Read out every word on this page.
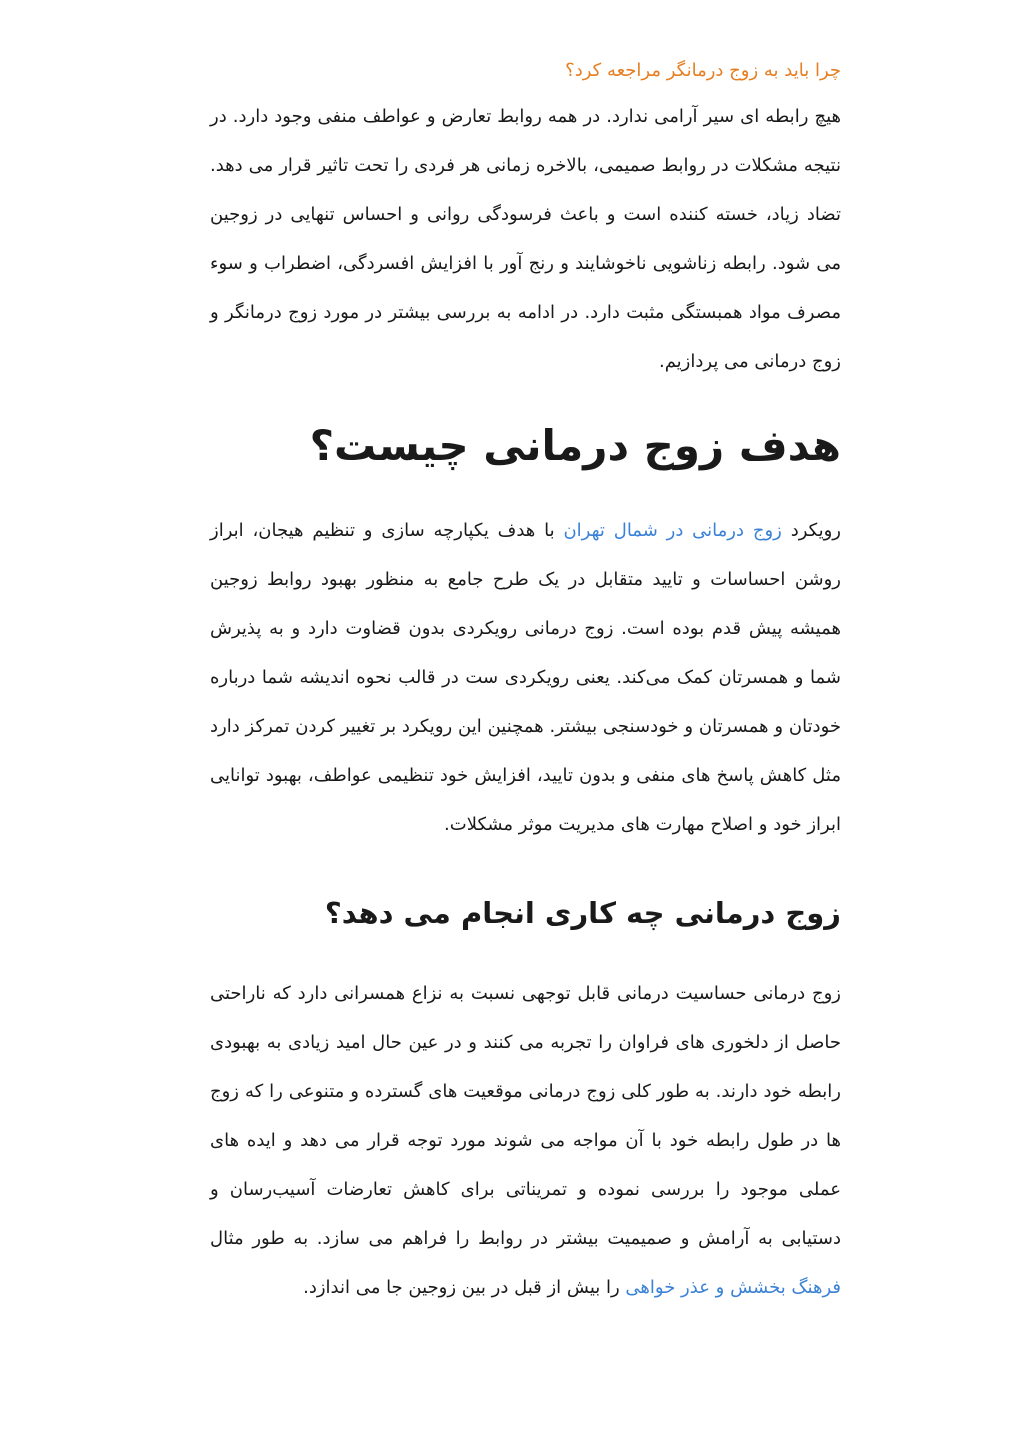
چرا باید به زوج درمانگر مراجعه کرد؟

هیچ رابطه ای سیر آرامی ندارد. در همه روابط تعارض و عواطف منفی وجود دارد. در نتیجه مشکلات در روابط صمیمی، بالاخره زمانی هر فردی را تحت تاثیر قرار می دهد. تضاد زیاد، خسته کننده است و باعث فرسودگی روانی و احساس تنهایی در زوجین می شود. رابطه زناشویی ناخوشایند و رنج آور با افزایش افسردگی، اضطراب و سوء مصرف مواد همبستگی مثبت دارد. در ادامه به بررسی بیشتر در مورد زوج درمانگر و زوج درمانی می پردازیم.

هدف زوج درمانی چیست؟

رویکرد زوج درمانی در شمال تهران با هدف یکپارچه سازی و تنظیم هیجان، ابراز روشن احساسات و تایید متقابل در یک طرح جامع به منظور بهبود روابط زوجین همیشه پیش قدم بوده است. زوج درمانی رویکردی بدون قضاوت دارد و به پذیرش شما و همسرتان کمک می‌کند. یعنی رویکردی ست در قالب نحوه اندیشه شما درباره خودتان و همسرتان و خودسنجی بیشتر. همچنین این رویکرد بر تغییر کردن تمرکز دارد مثل کاهش پاسخ های منفی و بدون تایید، افزایش خود تنظیمی عواطف، بهبود توانایی ابراز خود و اصلاح مهارت های مدیریت موثر مشکلات.

زوج درمانی چه کاری انجام می دهد؟

زوج درمانی حساسیت درمانی قابل توجهی نسبت به نزاع همسرانی دارد که ناراحتی حاصل از دلخوری های فراوان را تجربه می کنند و در عین حال امید زیادی به بهبودی رابطه خود دارند. به طور کلی زوج درمانی موقعیت های گسترده و متنوعی را که زوج ها در طول رابطه خود با آن مواجه می شوند مورد توجه قرار می دهد و ایده های عملی موجود را بررسی نموده و تمریناتی برای کاهش تعارضات آسیب‌رسان و دستیابی به آرامش و صمیمیت بیشتر در روابط را فراهم می سازد. به طور مثال فرهنگ بخشش و عذر خواهی را بیش از قبل در بین زوجین جا می اندازد.
